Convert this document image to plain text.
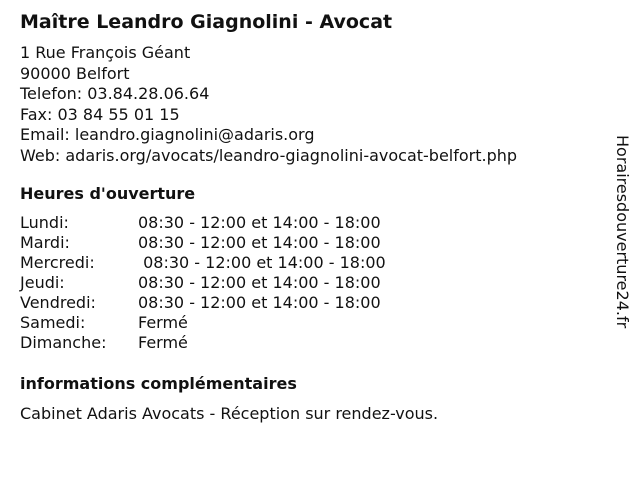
Maître Leandro Giagnolini - Avocat
1 Rue François Géant
90000 Belfort
Telefon: 03.84.28.06.64
Fax: 03 84 55 01 15
Email: leandro.giagnolini@adaris.org
Web: adaris.org/avocats/leandro-giagnolini-avocat-belfort.php
Heures d'ouverture
Lundi:	08:30 - 12:00 et 14:00 - 18:00
Mardi:	08:30 - 12:00 et 14:00 - 18:00
Mercredi:	08:30 - 12:00 et 14:00 - 18:00
Jeudi:	08:30 - 12:00 et 14:00 - 18:00
Vendredi:	08:30 - 12:00 et 14:00 - 18:00
Samedi:	Fermé
Dimanche:	Fermé
informations complémentaires
Cabinet Adaris Avocats - Réception sur rendez-vous.
Horairesdouverture24.fr
